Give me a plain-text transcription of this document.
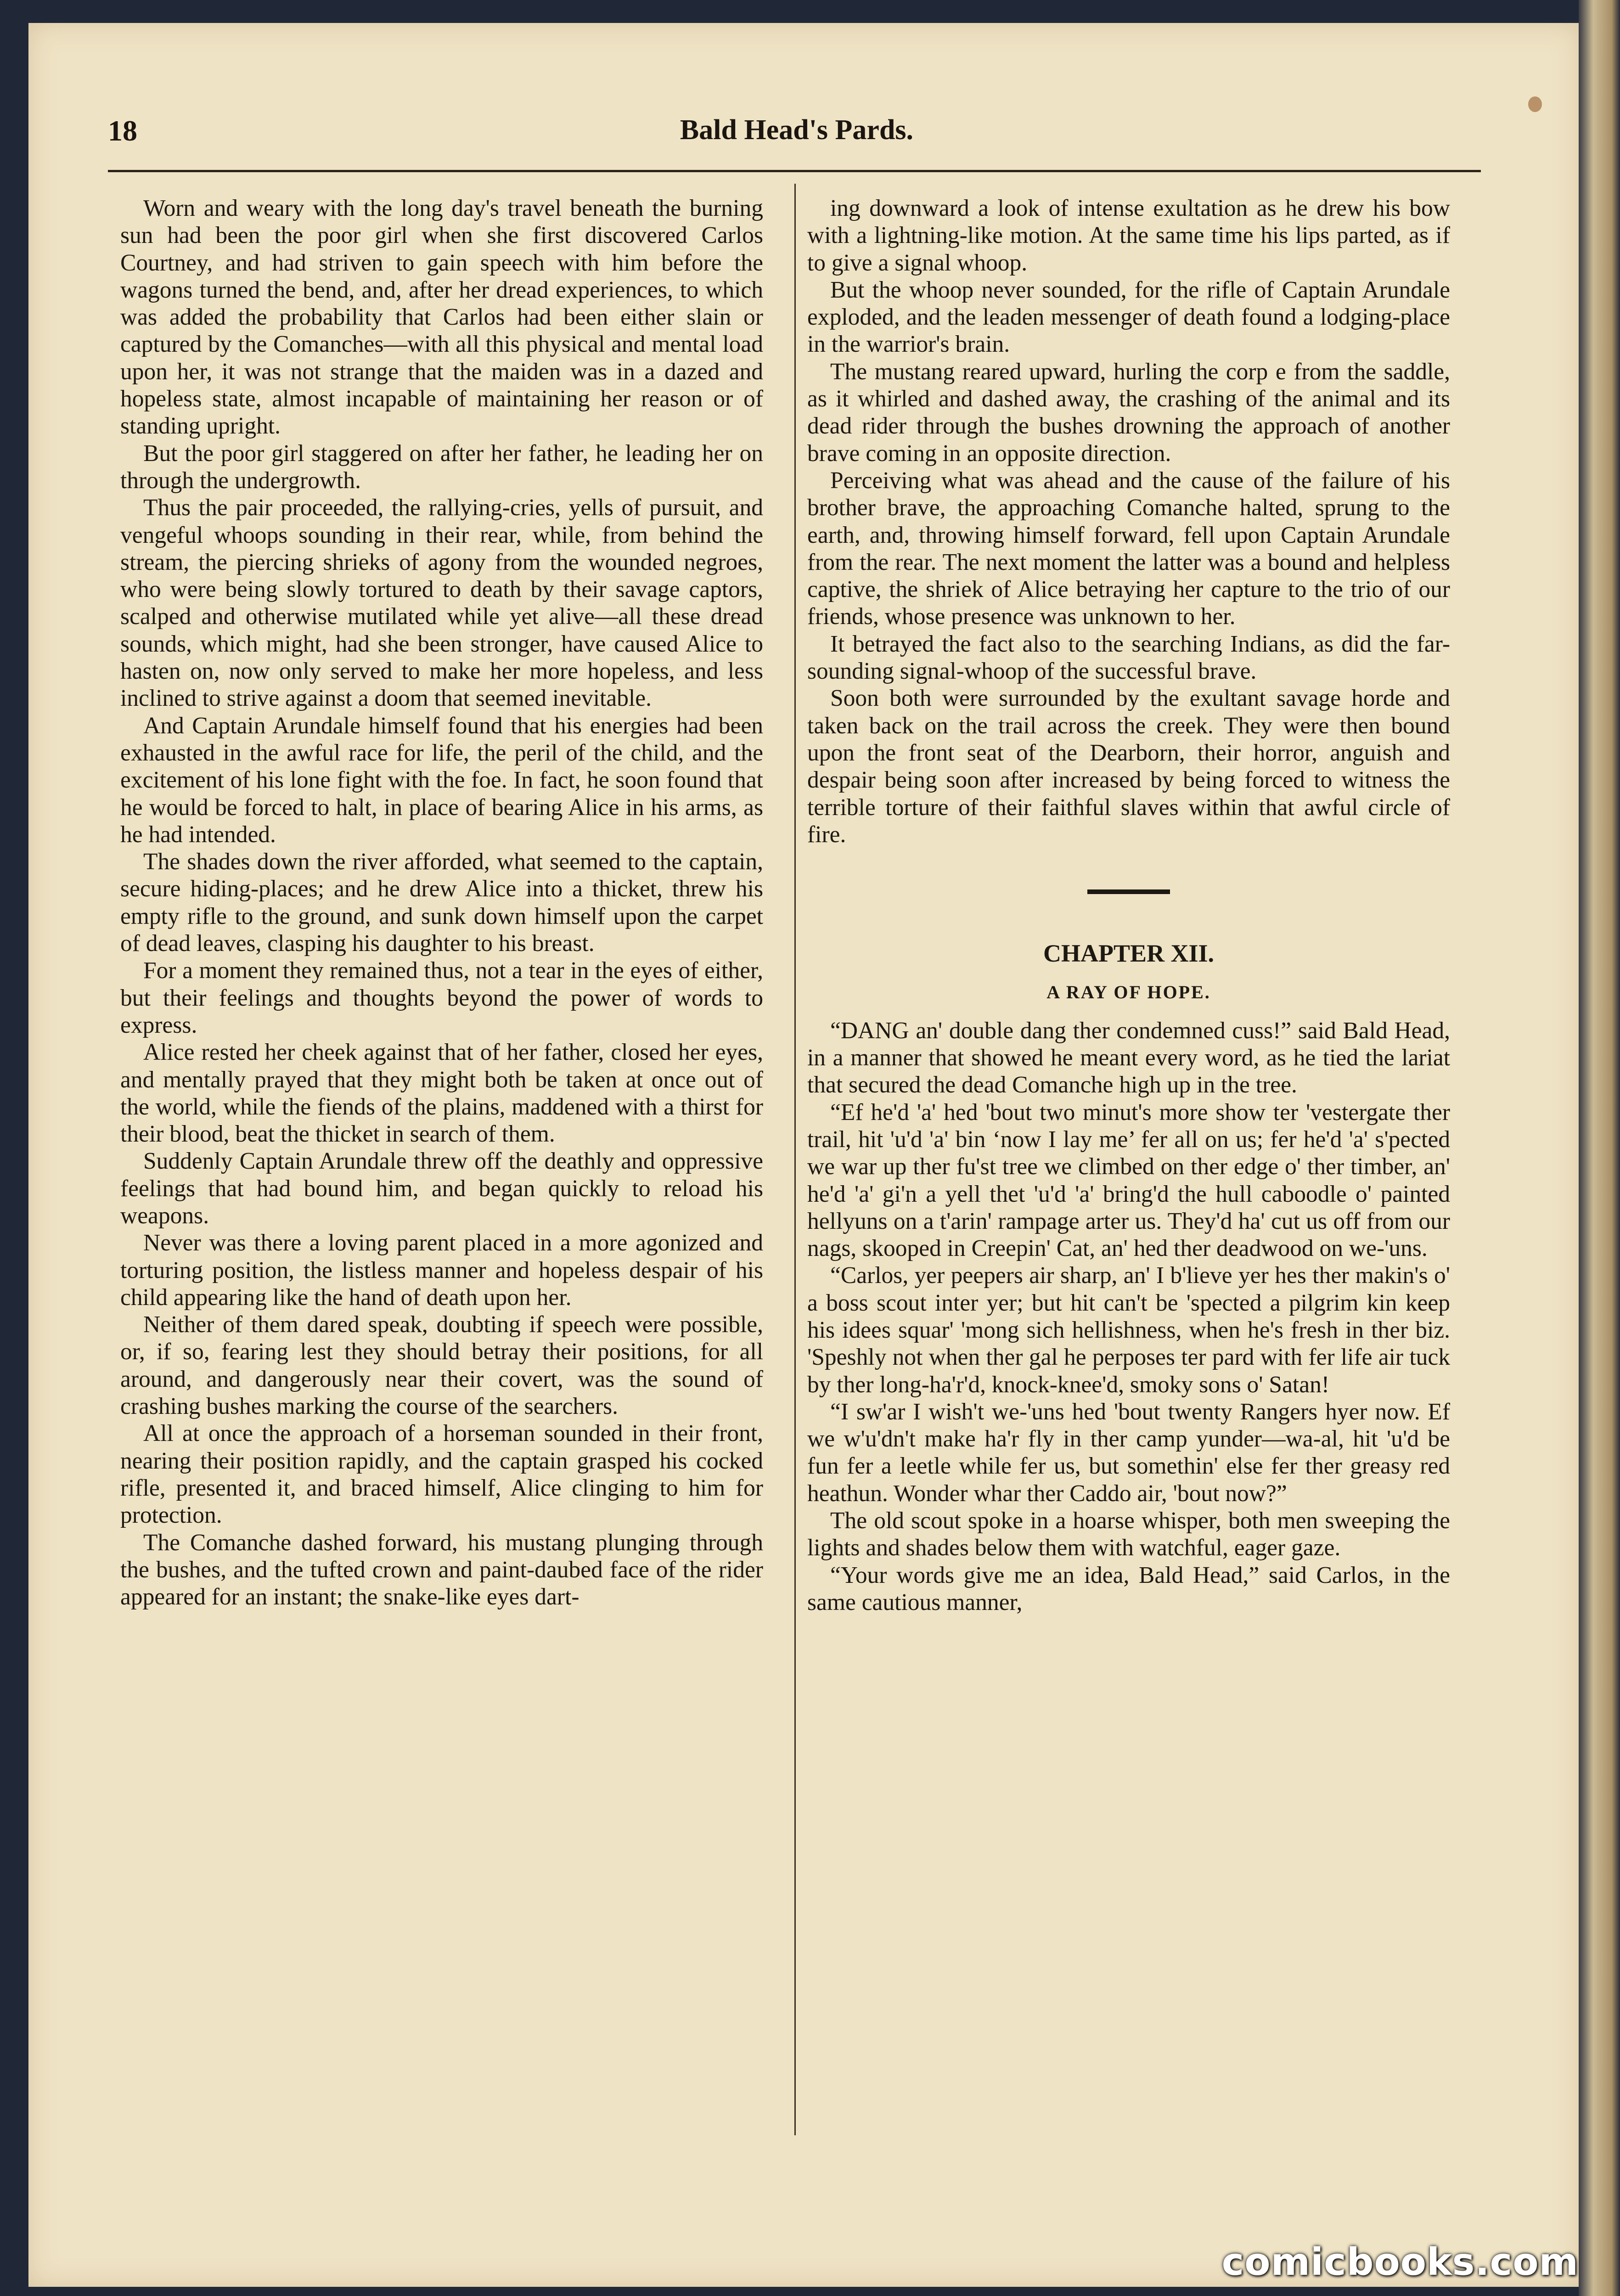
18	Bald Head's Pards.

Worn and weary with the long day's travel beneath the burning sun had been the poor girl when she first discovered Carlos Courtney, and had striven to gain speech with him before the wagons turned the bend, and, after her dread experiences, to which was added the probability that Carlos had been either slain or captured by the Comanches—with all this physical and mental load upon her, it was not strange that the maiden was in a dazed and hopeless state, almost incapable of maintaining her reason or of standing upright.

But the poor girl staggered on after her father, he leading her on through the undergrowth.

Thus the pair proceeded, the rallying-cries, yells of pursuit, and vengeful whoops sounding in their rear, while, from behind the stream, the piercing shrieks of agony from the wounded negroes, who were being slowly tortured to death by their savage captors, scalped and otherwise mutilated while yet alive—all these dread sounds, which might, had she been stronger, have caused Alice to hasten on, now only served to make her more hopeless, and less inclined to strive against a doom that seemed inevitable.

And Captain Arundale himself found that his energies had been exhausted in the awful race for life, the peril of the child, and the excitement of his lone fight with the foe. In fact, he soon found that he would be forced to halt, in place of bearing Alice in his arms, as he had intended.

The shades down the river afforded, what seemed to the captain, secure hiding-places; and he drew Alice into a thicket, threw his empty rifle to the ground, and sunk down himself upon the carpet of dead leaves, clasping his daughter to his breast.

For a moment they remained thus, not a tear in the eyes of either, but their feelings and thoughts beyond the power of words to express.

Alice rested her cheek against that of her father, closed her eyes, and mentally prayed that they might both be taken at once out of the world, while the fiends of the plains, maddened with a thirst for their blood, beat the thicket in search of them.

Suddenly Captain Arundale threw off the deathly and oppressive feelings that had bound him, and began quickly to reload his weapons.

Never was there a loving parent placed in a more agonized and torturing position, the listless manner and hopeless despair of his child appearing like the hand of death upon her.

Neither of them dared speak, doubting if speech were possible, or, if so, fearing lest they should betray their positions, for all around, and dangerously near their covert, was the sound of crashing bushes marking the course of the searchers.

All at once the approach of a horseman sounded in their front, nearing their position rapidly, and the captain grasped his cocked rifle, presented it, and braced himself, Alice clinging to him for protection.

The Comanche dashed forward, his mustang plunging through the bushes, and the tufted crown and paint-daubed face of the rider appeared for an instant; the snake-like eyes dart-

ing downward a look of intense exultation as he drew his bow with a lightning-like motion. At the same time his lips parted, as if to give a signal whoop.

But the whoop never sounded, for the rifle of Captain Arundale exploded, and the leaden messenger of death found a lodging-place in the warrior's brain.

The mustang reared upward, hurling the corp e from the saddle, as it whirled and dashed away, the crashing of the animal and its dead rider through the bushes drowning the approach of another brave coming in an opposite direction.

Perceiving what was ahead and the cause of the failure of his brother brave, the approaching Comanche halted, sprung to the earth, and, throwing himself forward, fell upon Captain Arundale from the rear. The next moment the latter was a bound and helpless captive, the shriek of Alice betraying her capture to the trio of our friends, whose presence was unknown to her.

It betrayed the fact also to the searching Indians, as did the far-sounding signal-whoop of the successful brave.

Soon both were surrounded by the exultant savage horde and taken back on the trail across the creek. They were then bound upon the front seat of the Dearborn, their horror, anguish and despair being soon after increased by being forced to witness the terrible torture of their faithful slaves within that awful circle of fire.

CHAPTER XII.
A RAY OF HOPE.

“DANG an' double dang ther condemned cuss!” said Bald Head, in a manner that showed he meant every word, as he tied the lariat that secured the dead Comanche high up in the tree.

“Ef he'd 'a' hed 'bout two minut's more show ter 'vestergate ther trail, hit 'u'd 'a' bin ‘now I lay me’ fer all on us; fer he'd 'a' s'pected we war up ther fu'st tree we climbed on ther edge o' ther timber, an' he'd 'a' gi'n a yell thet 'u'd 'a' bring'd the hull caboodle o' painted hellyuns on a t'arin' rampage arter us. They'd ha' cut us off from our nags, skooped in Creepin' Cat, an' hed ther deadwood on we-'uns.

“Carlos, yer peepers air sharp, an' I b'lieve yer hes ther makin's o' a boss scout inter yer; but hit can't be 'spected a pilgrim kin keep his idees squar' 'mong sich hellishness, when he's fresh in ther biz. 'Speshly not when ther gal he perposes ter pard with fer life air tuck by ther long-ha'r'd, knock-knee'd, smoky sons o' Satan!

“I sw'ar I wish't we-'uns hed 'bout twenty Rangers hyer now. Ef we w'u'dn't make ha'r fly in ther camp yunder—wa-al, hit 'u'd be fun fer a leetle while fer us, but somethin' else fer ther greasy red heathun. Wonder whar ther Caddo air, 'bout now?”

The old scout spoke in a hoarse whisper, both men sweeping the lights and shades below them with watchful, eager gaze.

“Your words give me an idea, Bald Head,” said Carlos, in the same cautious manner,

comicbooks.com
